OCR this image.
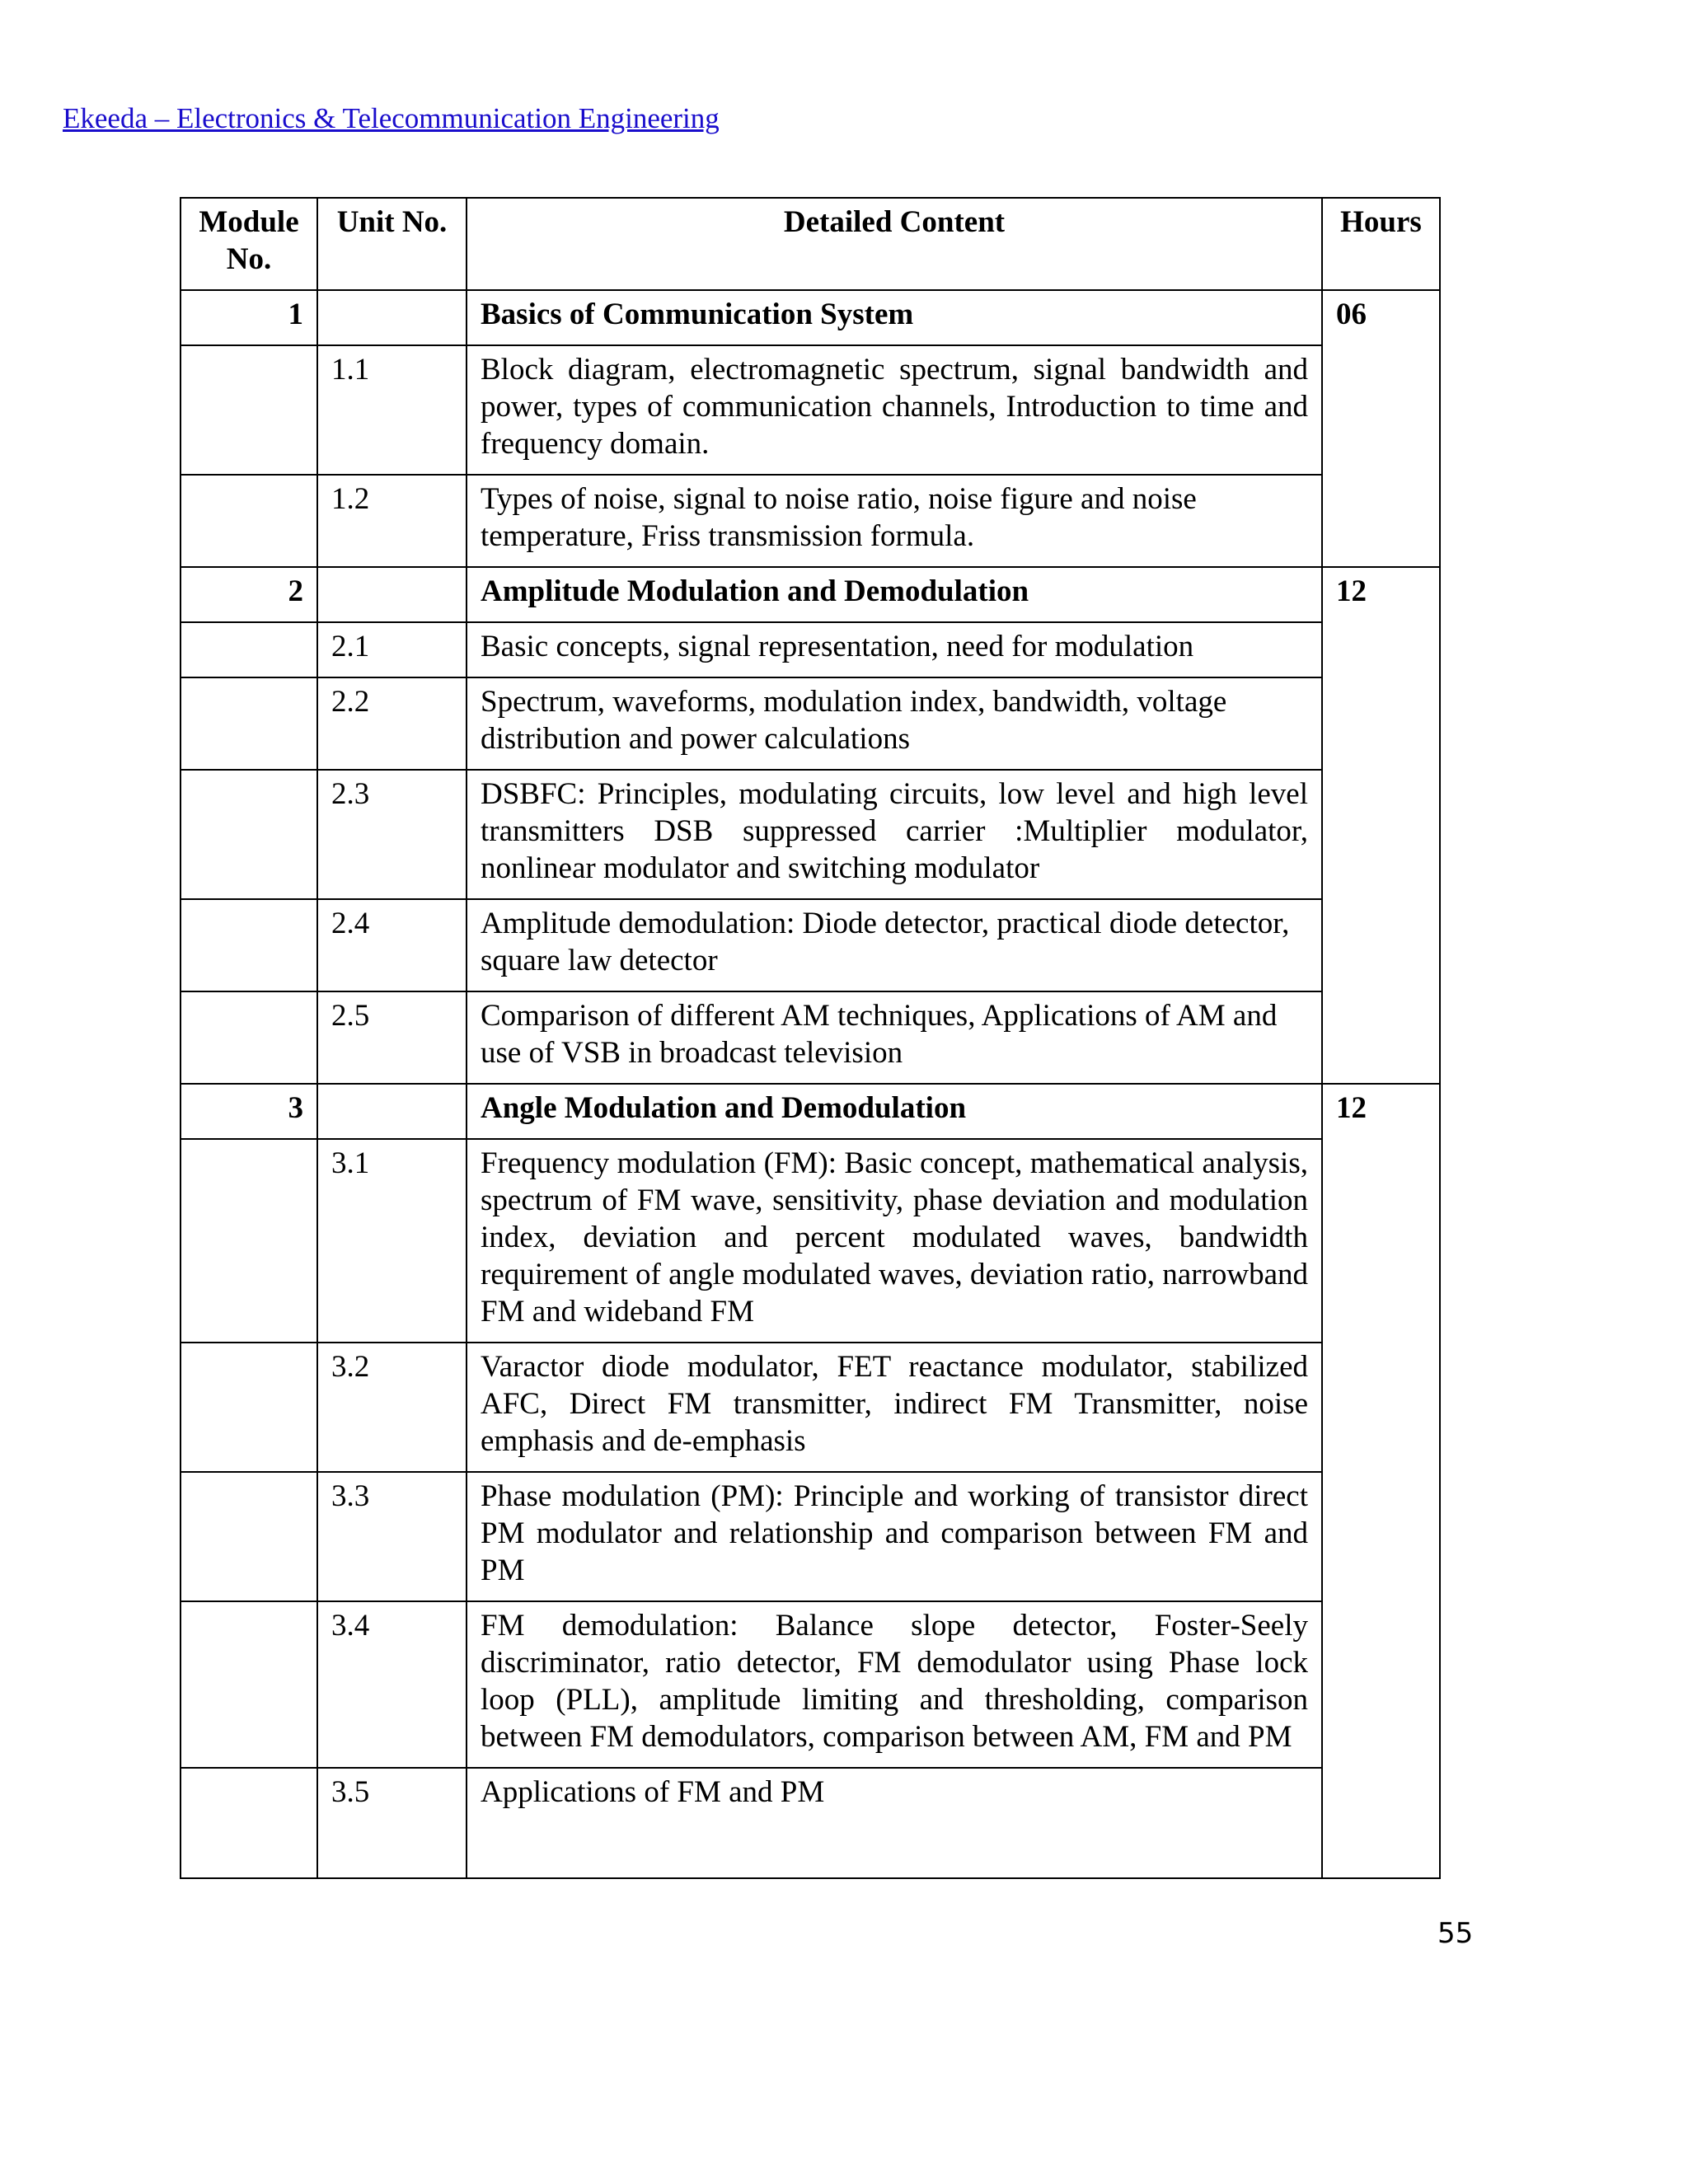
Ekeeda – Electronics & Telecommunication Engineering
Module No.	Unit No.	Detailed Content	Hours
1		Basics of Communication System	06
	1.1	Block diagram, electromagnetic spectrum, signal bandwidth and power, types of communication channels, Introduction to time and frequency domain.	
	1.2	Types of noise, signal to noise ratio, noise figure and noise temperature, Friss transmission formula.	
2		Amplitude Modulation and Demodulation	12
	2.1	Basic concepts, signal representation, need for modulation	
	2.2	Spectrum, waveforms, modulation index, bandwidth, voltage distribution and power calculations	
	2.3	DSBFC: Principles, modulating circuits, low level and high level transmitters DSB suppressed carrier :Multiplier modulator, nonlinear modulator and switching modulator	
	2.4	Amplitude demodulation: Diode detector, practical diode detector, square law detector	
	2.5	Comparison of different AM techniques, Applications of AM and use of VSB in broadcast television	
3		Angle Modulation and Demodulation	12
	3.1	Frequency modulation (FM): Basic concept, mathematical analysis, spectrum of FM wave, sensitivity, phase deviation and modulation index, deviation and percent modulated waves, bandwidth requirement of angle modulated waves, deviation ratio, narrowband FM and wideband FM	
	3.2	Varactor diode modulator, FET reactance modulator, stabilized AFC, Direct FM transmitter, indirect FM Transmitter, noise emphasis and de-emphasis	
	3.3	Phase modulation (PM): Principle and working of transistor direct PM modulator and relationship and comparison between FM and PM	
	3.4	FM demodulation: Balance slope detector, Foster-Seely discriminator, ratio detector, FM demodulator using Phase lock loop (PLL), amplitude limiting and thresholding, comparison between FM demodulators, comparison between AM, FM and PM	
	3.5	Applications of FM and PM	
55
